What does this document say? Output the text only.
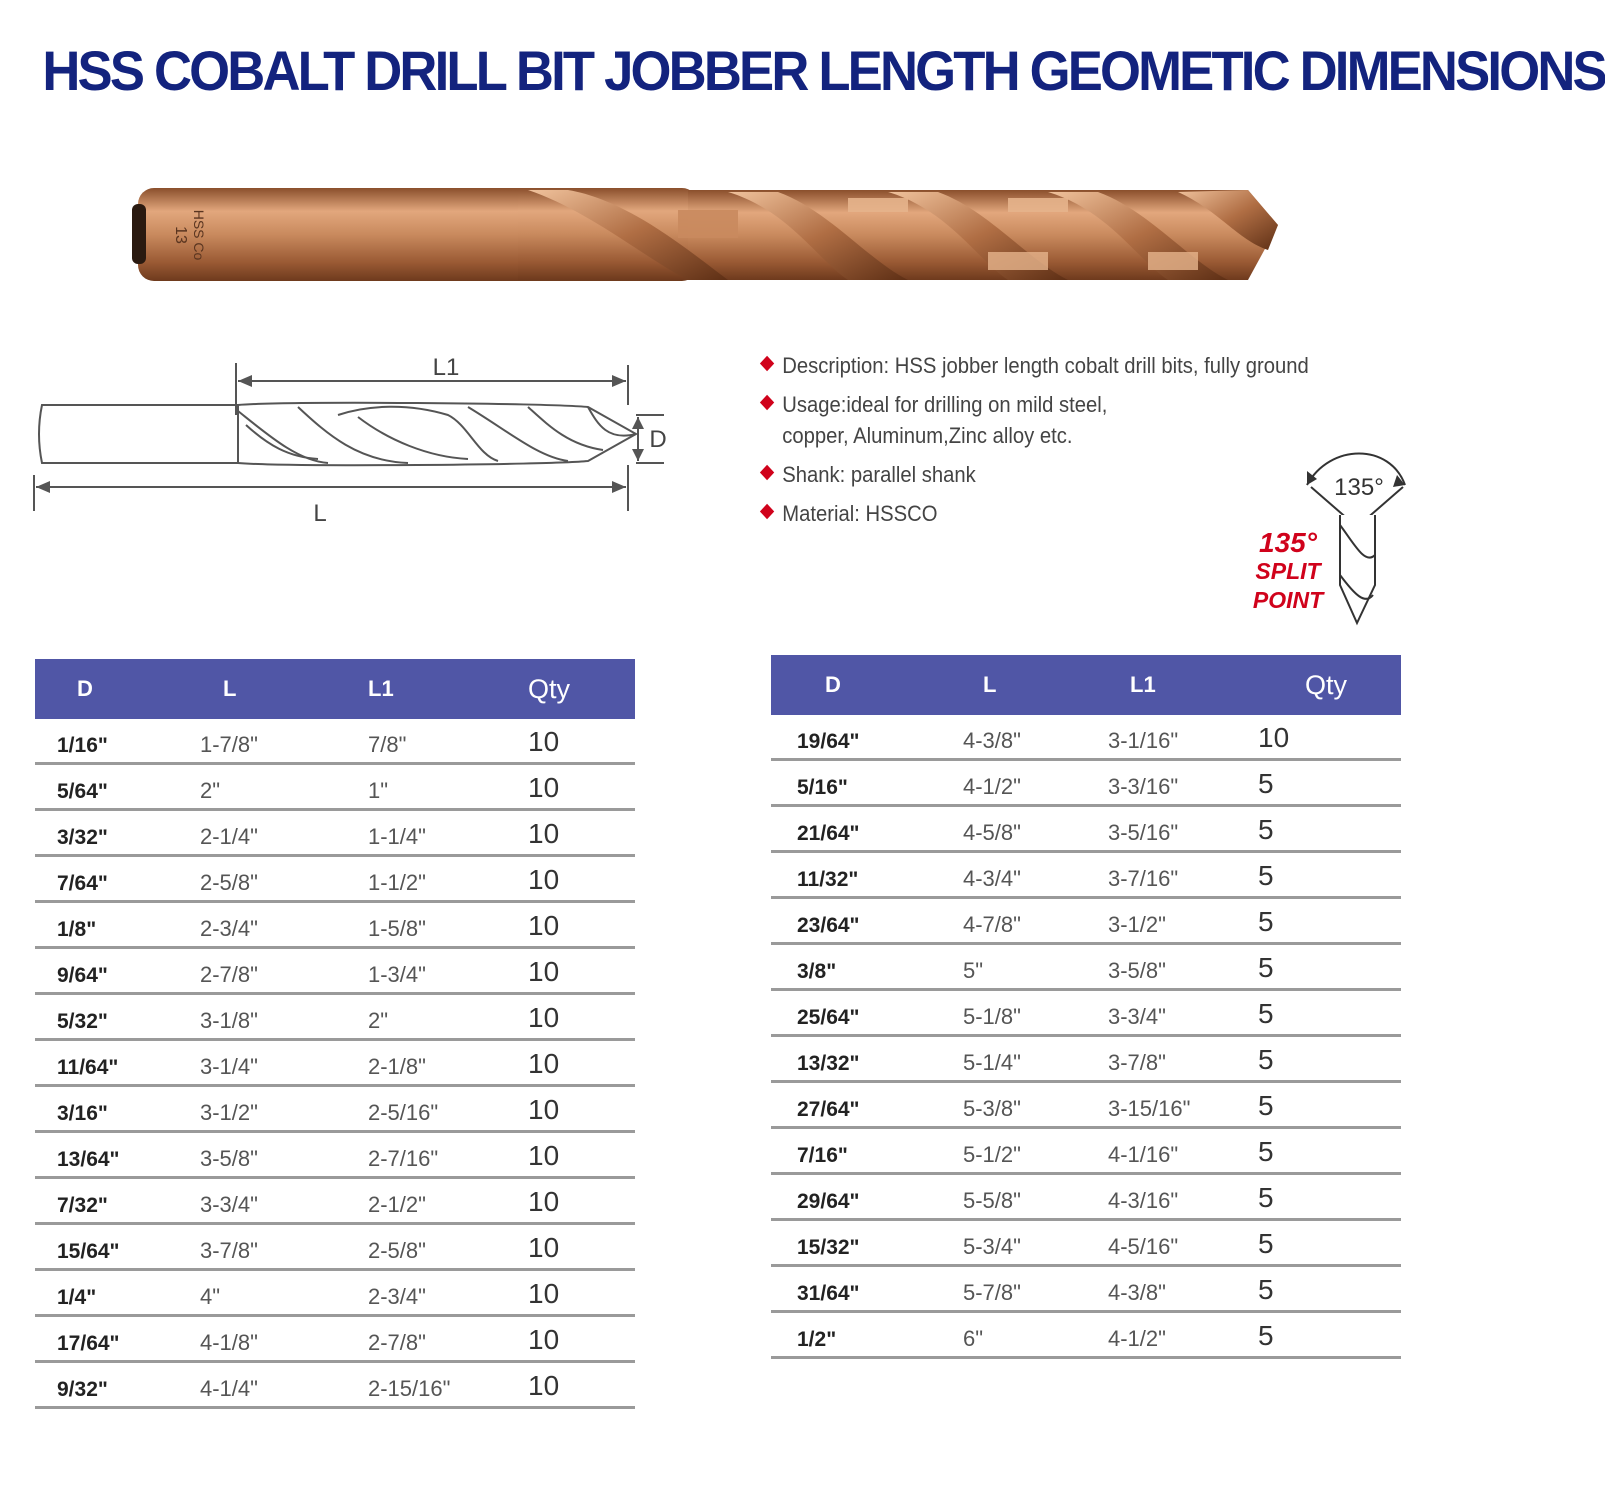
HSS COBALT DRILL BIT JOBBER LENGTH GEOMETIC DIMENSIONS
13 HSS Co
L1
L
D
Description: HSS jobber length cobalt drill bits, fully ground
Usage:ideal for drilling on mild steel,
copper, Aluminum,Zinc alloy etc.
Shank: parallel shank
Material: HSSCO
135°
135°
SPLIT
POINT
D	L	L1	Qty
1/16"	1-7/8"	7/8"	10
5/64"	2"	1"	10
3/32"	2-1/4"	1-1/4"	10
7/64"	2-5/8"	1-1/2"	10
1/8"	2-3/4"	1-5/8"	10
9/64"	2-7/8"	1-3/4"	10
5/32"	3-1/8"	2"	10
11/64"	3-1/4"	2-1/8"	10
3/16"	3-1/2"	2-5/16"	10
13/64"	3-5/8"	2-7/16"	10
7/32"	3-3/4"	2-1/2"	10
15/64"	3-7/8"	2-5/8"	10
1/4"	4"	2-3/4"	10
17/64"	4-1/8"	2-7/8"	10
9/32"	4-1/4"	2-15/16"	10
D	L	L1	Qty
19/64"	4-3/8"	3-1/16"	10
5/16"	4-1/2"	3-3/16"	5
21/64"	4-5/8"	3-5/16"	5
11/32"	4-3/4"	3-7/16"	5
23/64"	4-7/8"	3-1/2"	5
3/8"	5"	3-5/8"	5
25/64"	5-1/8"	3-3/4"	5
13/32"	5-1/4"	3-7/8"	5
27/64"	5-3/8"	3-15/16"	5
7/16"	5-1/2"	4-1/16"	5
29/64"	5-5/8"	4-3/16"	5
15/32"	5-3/4"	4-5/16"	5
31/64"	5-7/8"	4-3/8"	5
1/2"	6"	4-1/2"	5
